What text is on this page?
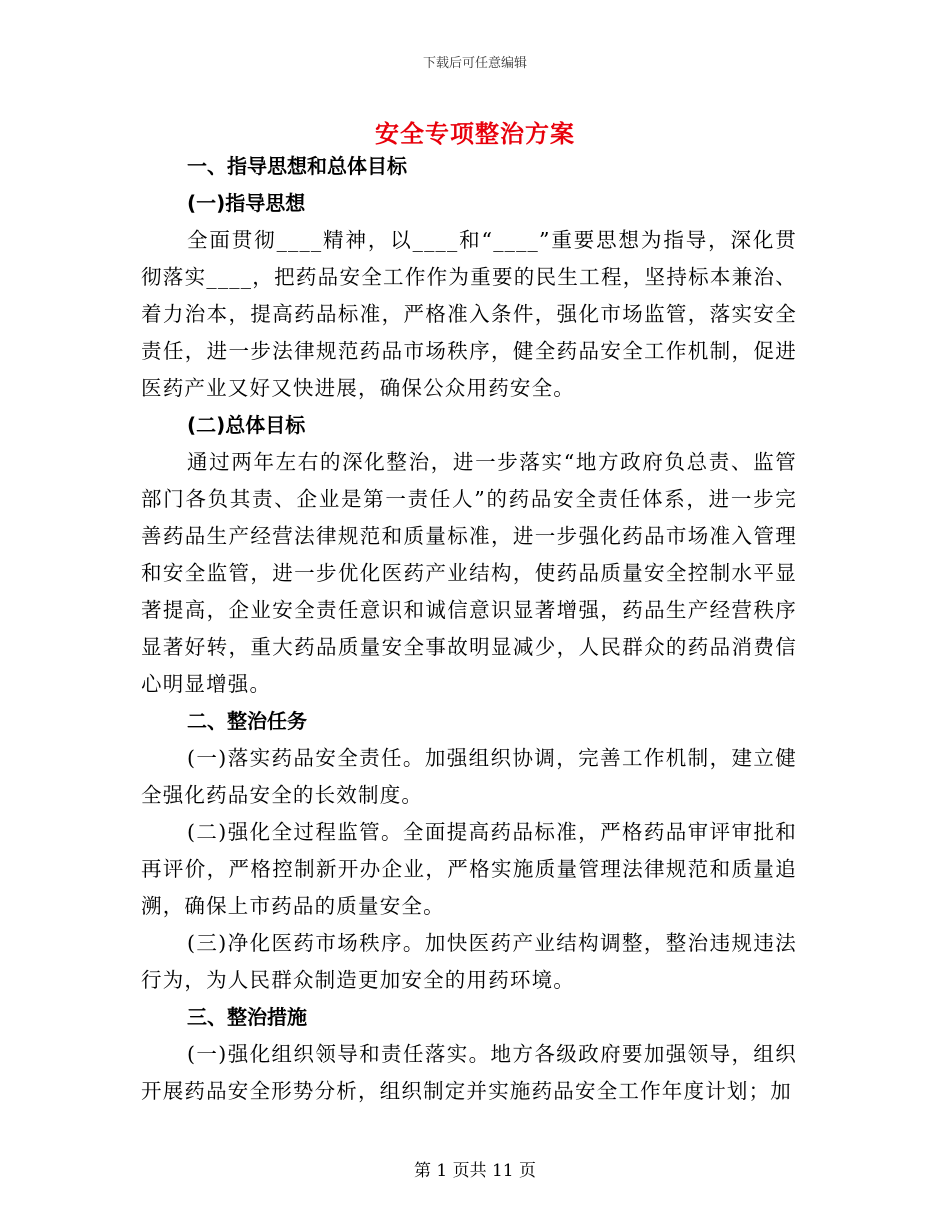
下载后可任意编辑
安全专项整治方案

一、指导思想和总体目标

(一)指导思想

全面贯彻____精神，以____和“____”重要思想为指导，深化贯彻落实____，把药品安全工作作为重要的民生工程，坚持标本兼治、着力治本，提高药品标准，严格准入条件，强化市场监管，落实安全责任，进一步法律规范药品市场秩序，健全药品安全工作机制，促进医药产业又好又快进展，确保公众用药安全。

(二)总体目标

通过两年左右的深化整治，进一步落实“地方政府负总责、监管部门各负其责、企业是第一责任人”的药品安全责任体系，进一步完善药品生产经营法律规范和质量标准，进一步强化药品市场准入管理和安全监管，进一步优化医药产业结构，使药品质量安全控制水平显著提高，企业安全责任意识和诚信意识显著增强，药品生产经营秩序显著好转，重大药品质量安全事故明显减少，人民群众的药品消费信心明显增强。

二、整治任务

(一)落实药品安全责任。加强组织协调，完善工作机制，建立健全强化药品安全的长效制度。

(二)强化全过程监管。全面提高药品标准，严格药品审评审批和再评价，严格控制新开办企业，严格实施质量管理法律规范和质量追溯，确保上市药品的质量安全。

(三)净化医药市场秩序。加快医药产业结构调整，整治违规违法行为，为人民群众制造更加安全的用药环境。

三、整治措施

(一)强化组织领导和责任落实。地方各级政府要加强领导，组织开展药品安全形势分析，组织制定并实施药品安全工作年度计划；加

第 1 页共 11 页
